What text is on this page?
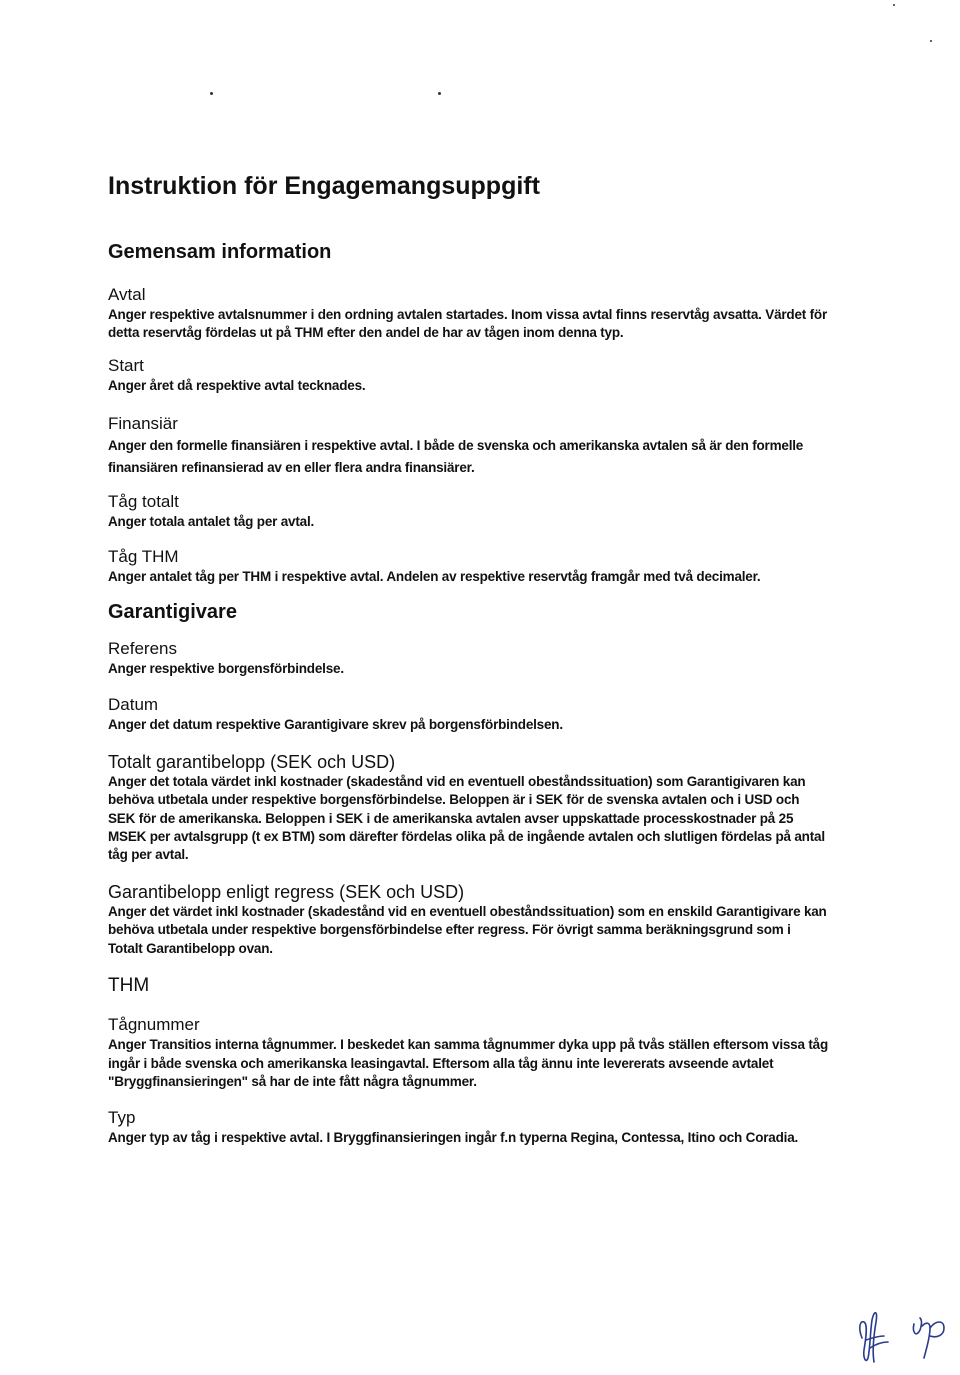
Instruktion för Engagemangsuppgift
Gemensam information
Avtal
Anger respektive avtalsnummer i den ordning avtalen startades. Inom vissa avtal finns reservtåg avsatta. Värdet för detta reservtåg fördelas ut på THM efter den andel de har av tågen inom denna typ.
Start
Anger året då respektive avtal tecknades.
Finansiär
Anger den formelle finansiären i respektive avtal. I både de svenska och amerikanska avtalen så är den formelle finansiären refinansierad av en eller flera andra finansiärer.
Tåg totalt
Anger totala antalet tåg per avtal.
Tåg THM
Anger antalet tåg per THM i respektive avtal. Andelen av respektive reservtåg framgår med två decimaler.
Garantigivare
Referens
Anger respektive borgensförbindelse.
Datum
Anger det datum respektive Garantigivare skrev på borgensförbindelsen.
Totalt garantibelopp (SEK och USD)
Anger det totala värdet inkl kostnader (skadestånd vid en eventuell obeståndssituation) som Garantigivaren kan behöva utbetala under respektive borgensförbindelse. Beloppen är i SEK för de svenska avtalen och i USD och SEK för de amerikanska. Beloppen i SEK i de amerikanska avtalen avser uppskattade processkostnader på 25 MSEK per avtalsgrupp (t ex BTM) som därefter fördelas olika på de ingående avtalen och slutligen fördelas på antal tåg per avtal.
Garantibelopp enligt regress (SEK och USD)
Anger det värdet inkl kostnader (skadestånd vid en eventuell obeståndssituation) som en enskild Garantigivare kan behöva utbetala under respektive borgensförbindelse efter regress. För övrigt samma beräkningsgrund som i Totalt Garantibelopp ovan.
THM
Tågnummer
Anger Transitios interna tågnummer. I beskedet kan samma tågnummer dyka upp på tvås ställen eftersom vissa tåg ingår i både svenska och amerikanska leasingavtal. Eftersom alla tåg ännu inte levererats avseende avtalet "Bryggfinansieringen" så har de inte fått några tågnummer.
Typ
Anger typ av tåg i respektive avtal. I Bryggfinansieringen ingår f.n typerna Regina, Contessa, Itino och Coradia.
